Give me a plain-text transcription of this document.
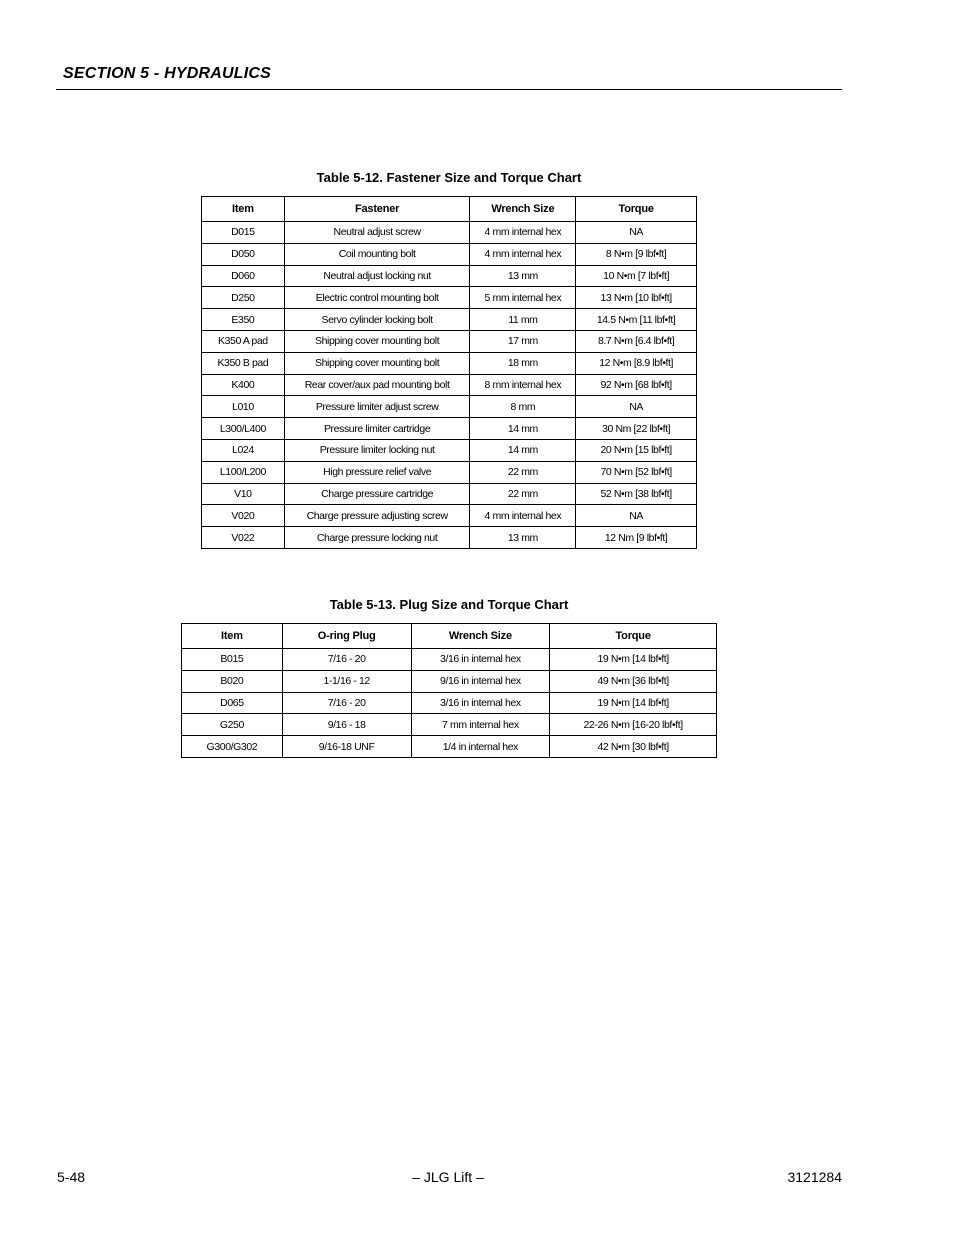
SECTION 5 - HYDRAULICS
Table 5-12. Fastener Size and Torque Chart
Item	Fastener	Wrench Size	Torque
D015	Neutral adjust screw	4 mm internal hex	NA
D050	Coil mounting bolt	4 mm internal hex	8 N•m [9 lbf•ft]
D060	Neutral adjust locking nut	13 mm	10 N•m [7 lbf•ft]
D250	Electric control mounting bolt	5 mm internal hex	13 N•m [10 lbf•ft]
E350	Servo cylinder locking bolt	11 mm	14.5 N•m [11 lbf•ft]
K350 A pad	Shipping cover mounting bolt	17 mm	8.7 N•m [6.4 lbf•ft]
K350 B pad	Shipping cover mounting bolt	18 mm	12 N•m [8.9 lbf•ft]
K400	Rear cover/aux pad mounting bolt	8 mm internal hex	92 N•m [68 lbf•ft]
L010	Pressure limiter adjust screw	8 mm	NA
L300/L400	Pressure limiter cartridge	14 mm	30 Nm [22 lbf•ft]
L024	Pressure limiter locking nut	14 mm	20 N•m [15 lbf•ft]
L100/L200	High pressure relief valve	22 mm	70 N•m [52 lbf•ft]
V10	Charge pressure cartridge	22 mm	52 N•m [38 lbf•ft]
V020	Charge pressure adjusting screw	4 mm internal hex	NA
V022	Charge pressure locking nut	13 mm	12 Nm [9 lbf•ft]
Table 5-13. Plug Size and Torque Chart
Item	O-ring Plug	Wrench Size	Torque
B015	7/16 - 20	3/16 in internal hex	19 N•m [14 lbf•ft]
B020	1-1/16 - 12	9/16 in internal hex	49 N•m [36 lbf•ft]
D065	7/16 - 20	3/16 in internal hex	19 N•m [14 lbf•ft]
G250	9/16 - 18	7 mm internal hex	22-26 N•m [16-20 lbf•ft]
G300/G302	9/16-18 UNF	1/4 in internal hex	42 N•m [30 lbf•ft]
5-48	– JLG Lift –	3121284
